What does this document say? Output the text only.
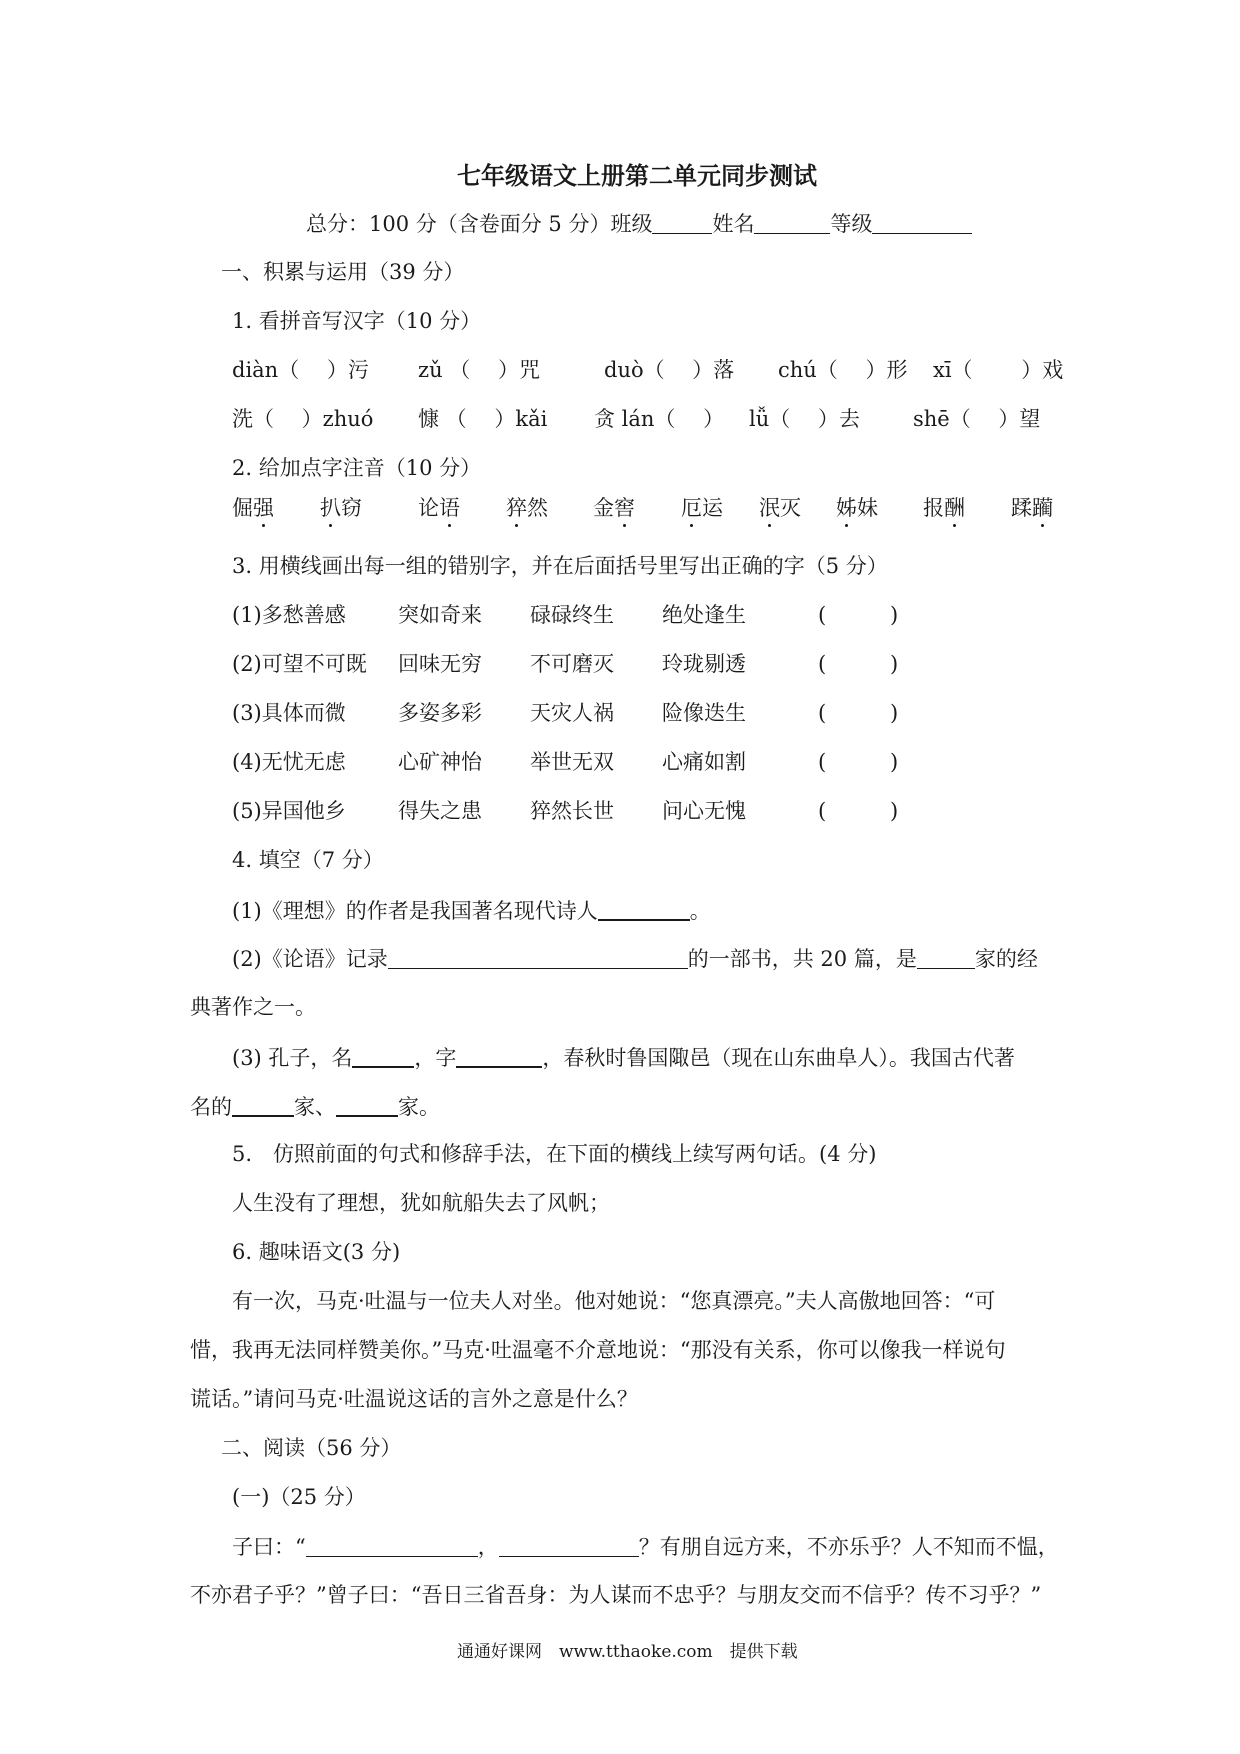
七年级语文上册第二单元同步测试
总分：100 分（含卷面分 5 分）班级	姓名	等级
一、积累与运用（39 分）
1. 看拼音写汉字（10 分）
diàn（　 ）污 zǔ （　 ）咒	duò（　 ）落 chú（　 ）形 xī（　　 ）戏
洗（　 ）zhuó 慷 （　 ）kǎi 贪 lán（　 ） lǚ（　 ）去	shē（　 ）望
2. 给加点字注音（10 分）
倔强 扒窃	论语 猝然 金窖 厄运 泯灭 姊妹 报酬 蹂躏
3. 用横线画出每一组的错别字，并在后面括号里写出正确的字（5 分）
(1)多愁善感 突如奇来 碌碌终生 绝处逢生	(	)
(2)可望不可既 回味无穷 不可磨灭 玲珑剔透	(	)
(3)具体而微 多姿多彩 天灾人祸 险像迭生	(	)
(4)无忧无虑 心矿神怡 举世无双 心痛如割	(	)
(5)异国他乡 得失之患 猝然长世 问心无愧	(	)
4. 填空（7 分）
(1)《理想》的作者是我国著名现代诗人	。
(2)《论语》记录	的一部书，共 20 篇，是	家的经
典著作之一。
(3) 孔子，名	，字	，春秋时鲁国陬邑（现在山东曲阜人）。我国古代著
名的	家、	家。
5.　仿照前面的句式和修辞手法，在下面的横线上续写两句话。(4 分)
人生没有了理想，犹如航船失去了风帆；
6. 趣味语文(3 分)
有一次，马克·吐温与一位夫人对坐。他对她说：“您真漂亮。”夫人高傲地回答：“可
惜，我再无法同样赞美你。”马克·吐温毫不介意地说：“那没有关系，你可以像我一样说句
谎话。”请问马克·吐温说这话的言外之意是什么？
二、阅读（56 分）
(一)（25 分）
子曰：“	，	？有朋自远方来，不亦乐乎？人不知而不愠，
不亦君子乎？”曾子曰：“吾日三省吾身：为人谋而不忠乎？与朋友交而不信乎？传不习乎？”
通通好课网　www.tthaoke.com　提供下载
